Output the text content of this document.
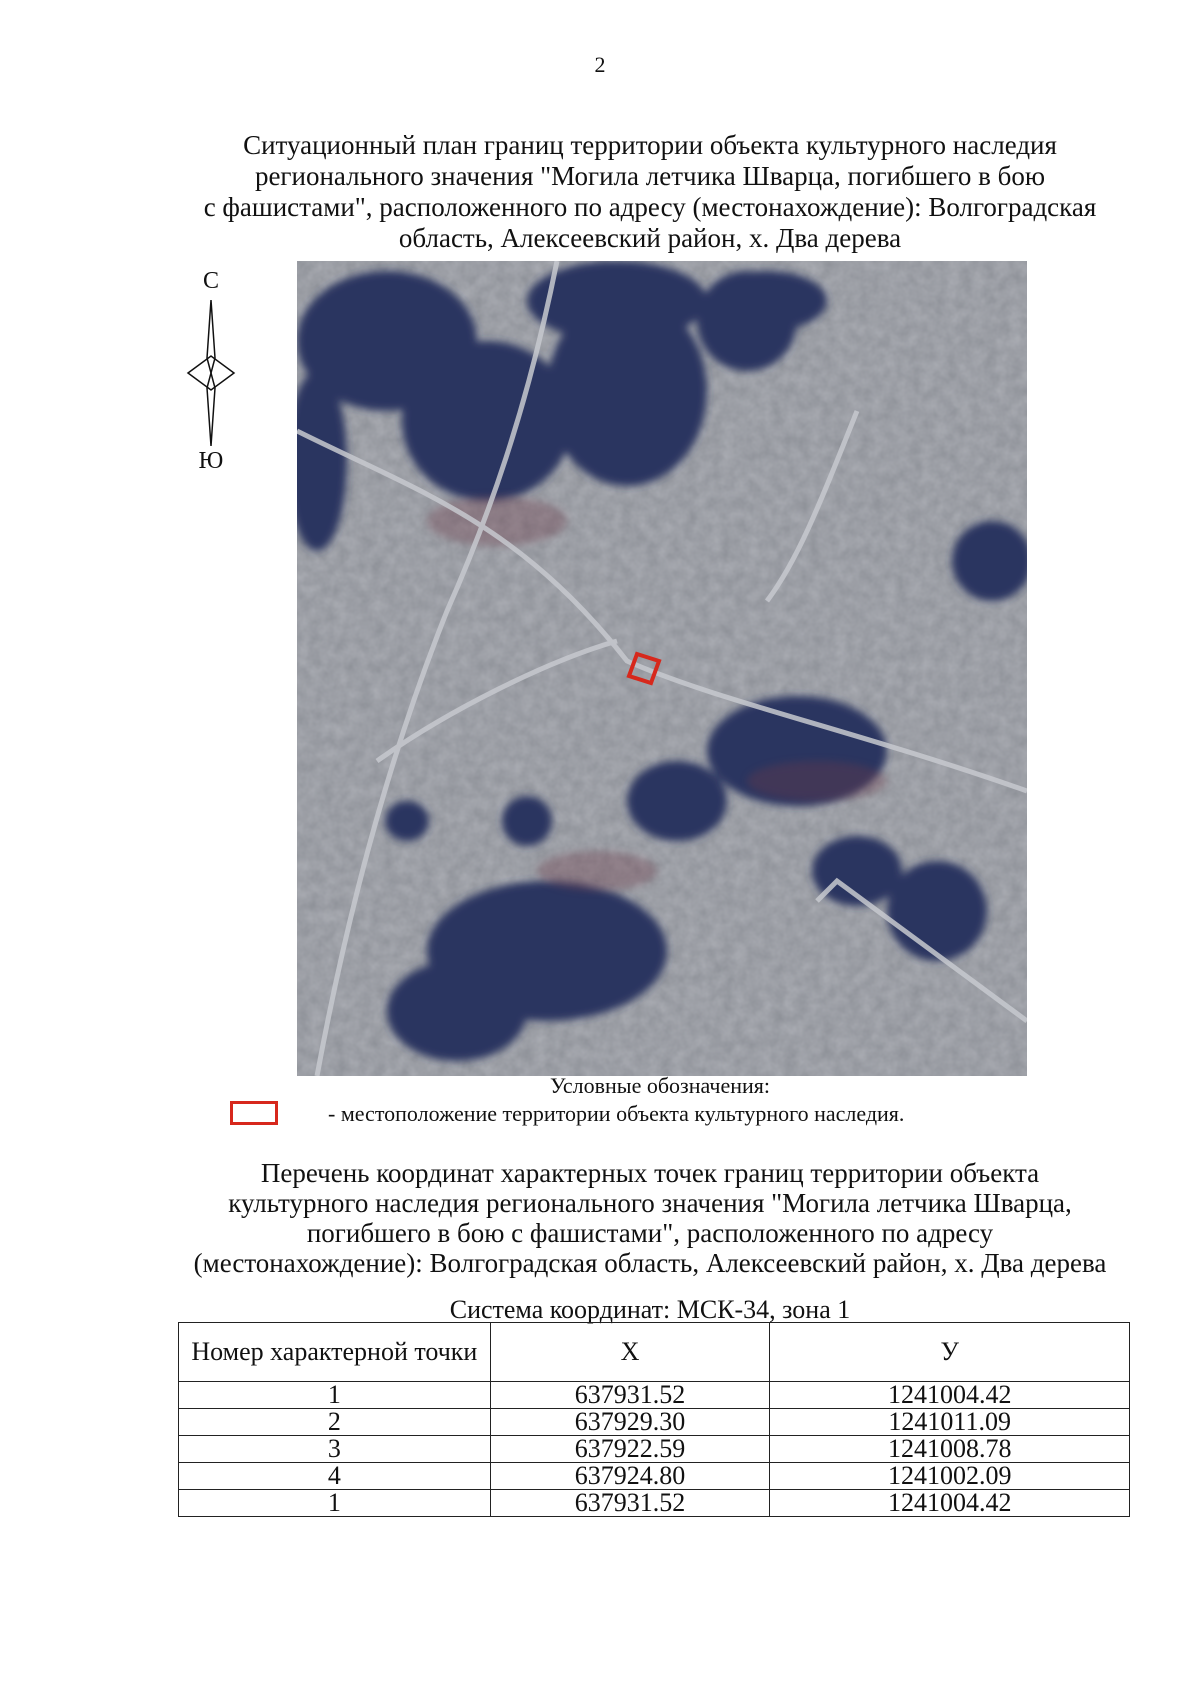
2
Ситуационный план границ территории объекта культурного наследия
регионального значения "Могила летчика Шварца, погибшего в бою
с фашистами", расположенного по адресу (местонахождение): Волгоградская
область, Алексеевский район, х. Два дерева
С
Ю
Условные обозначения:
- местоположение территории объекта культурного наследия.
Перечень координат характерных точек границ территории объекта
культурного наследия регионального значения "Могила летчика Шварца,
погибшего в бою с фашистами", расположенного по адресу
(местонахождение): Волгоградская область, Алексеевский район, х. Два дерева
Система координат: МСК-34, зона 1
Номер характерной точки	X	У
1	637931.52	1241004.42
2	637929.30	1241011.09
3	637922.59	1241008.78
4	637924.80	1241002.09
1	637931.52	1241004.42
